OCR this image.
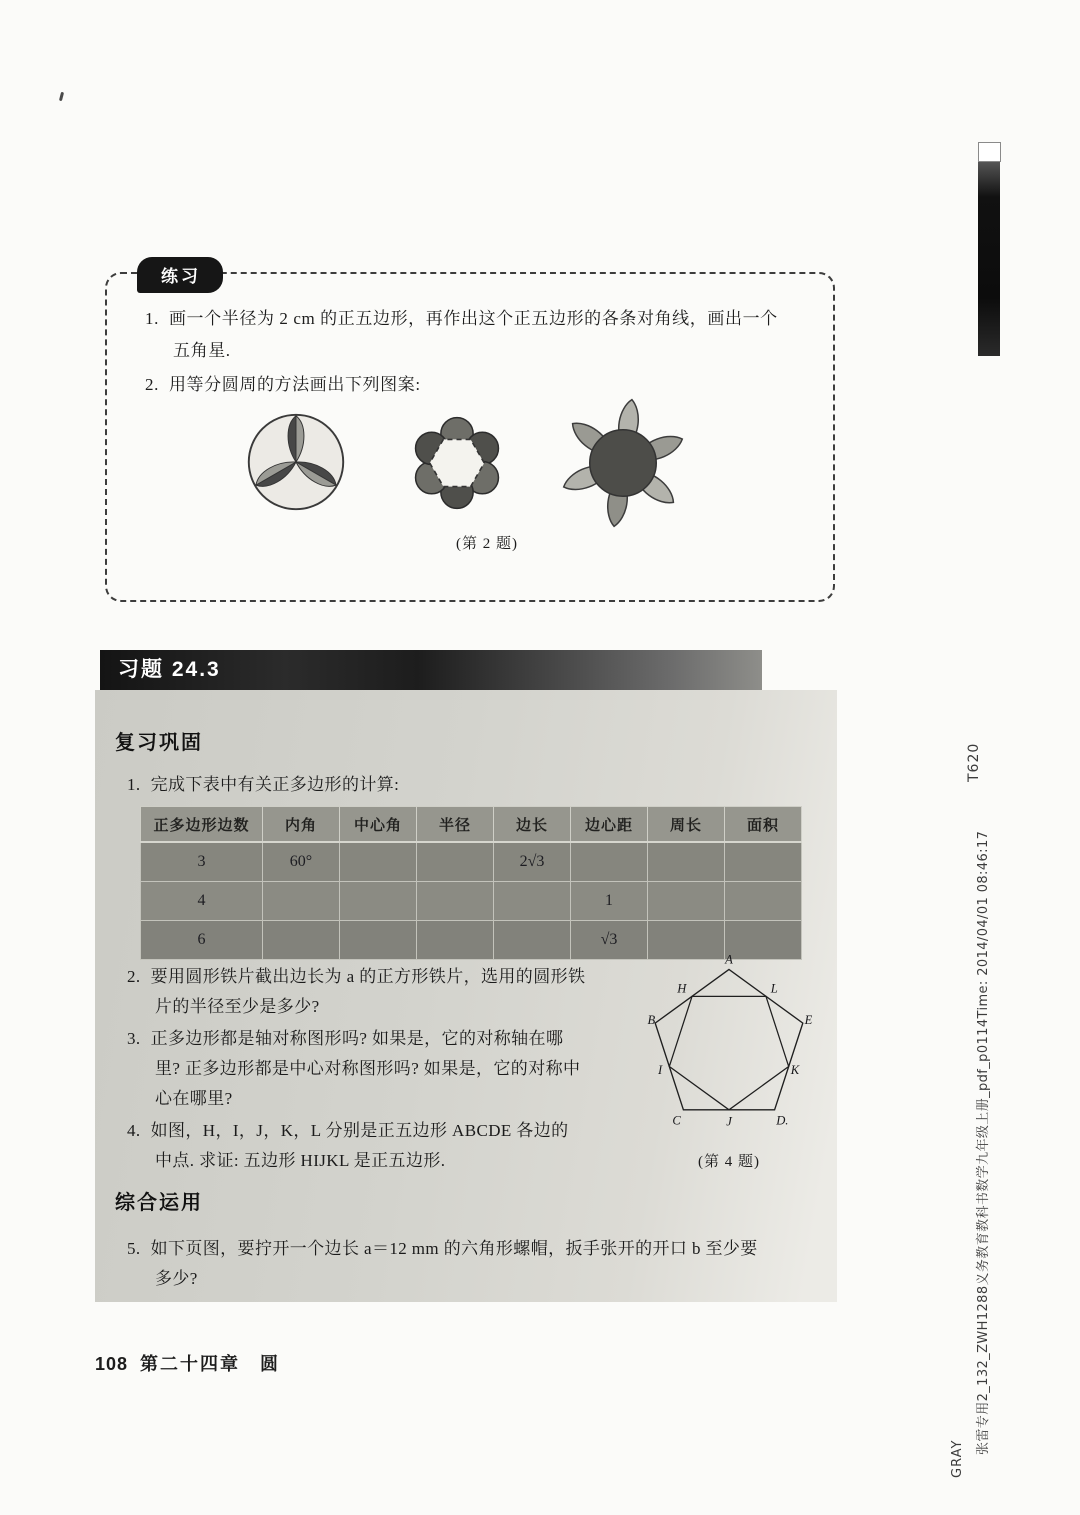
练习
1. 画一个半径为 2 cm 的正五边形，再作出这个正五边形的各条对角线，画出一个
五角星.
2. 用等分圆周的方法画出下列图案:
(第 2 题)
习题 24.3
复习巩固
1. 完成下表中有关正多边形的计算:
正多边形边数	内角	中心角	半径	边长	边心距	周长	面积
3	60°			2√3			
4					1		
6					√3		
2. 要用圆形铁片截出边长为 a 的正方形铁片，选用的圆形铁
片的半径至少是多少?
3. 正多边形都是轴对称图形吗? 如果是，它的对称轴在哪
里? 正多边形都是中心对称图形吗? 如果是，它的对称中
心在哪里?
4. 如图，H，I，J，K，L 分别是正五边形 ABCDE 各边的
中点. 求证: 五边形 HIJKL 是正五边形.
A
H	L
B	E
I	K
C	J	D.
(第 4 题)
综合运用
5. 如下页图，要拧开一个边长 a＝12 mm 的六角形螺帽，扳手张开的开口 b 至少要
多少?
108 第二十四章　圆	张雷专用2_132_ZWH1288义务教育教科书数学九年级上册_pdf_p0114Time: 2014/04/01 08:46:17
GRAY
T620
